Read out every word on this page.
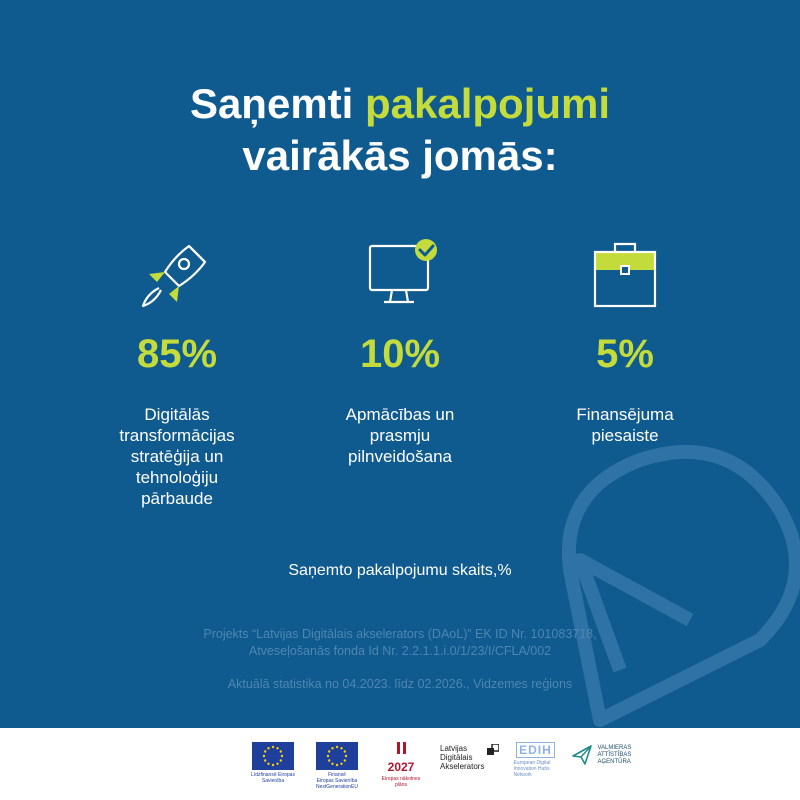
Saņemti pakalpojumi
vairākās jomās:
85%
Digitālās transformācijas stratēģija un tehnoloģiju pārbaude
10%
Apmācības un prasmju pilnveidošana
5%
Finansējuma piesaiste
Saņemto pakalpojumu skaits,%
Projekts “Latvijas Digitālais akselerators (DAoL)” EK ID Nr. 101083718,
Atveseļošanās fonda Id Nr. 2.2.1.1.i.0/1/23/I/CFLA/002
Aktuālā statistika no 04.2023. līdz 02.2026., Vidzemes reģions
Līdzfinansē Eiropas Savienība
Finansē
Eiropas Savienība
NextGenerationEU
2027
Eiropas nākotnes plāns
Latvijas
Digitālais
Akselerators
EDIH
European Digital Innovation Hubs Network
VALMIERAS
ATTĪSTĪBAS
AĢENTŪRA
